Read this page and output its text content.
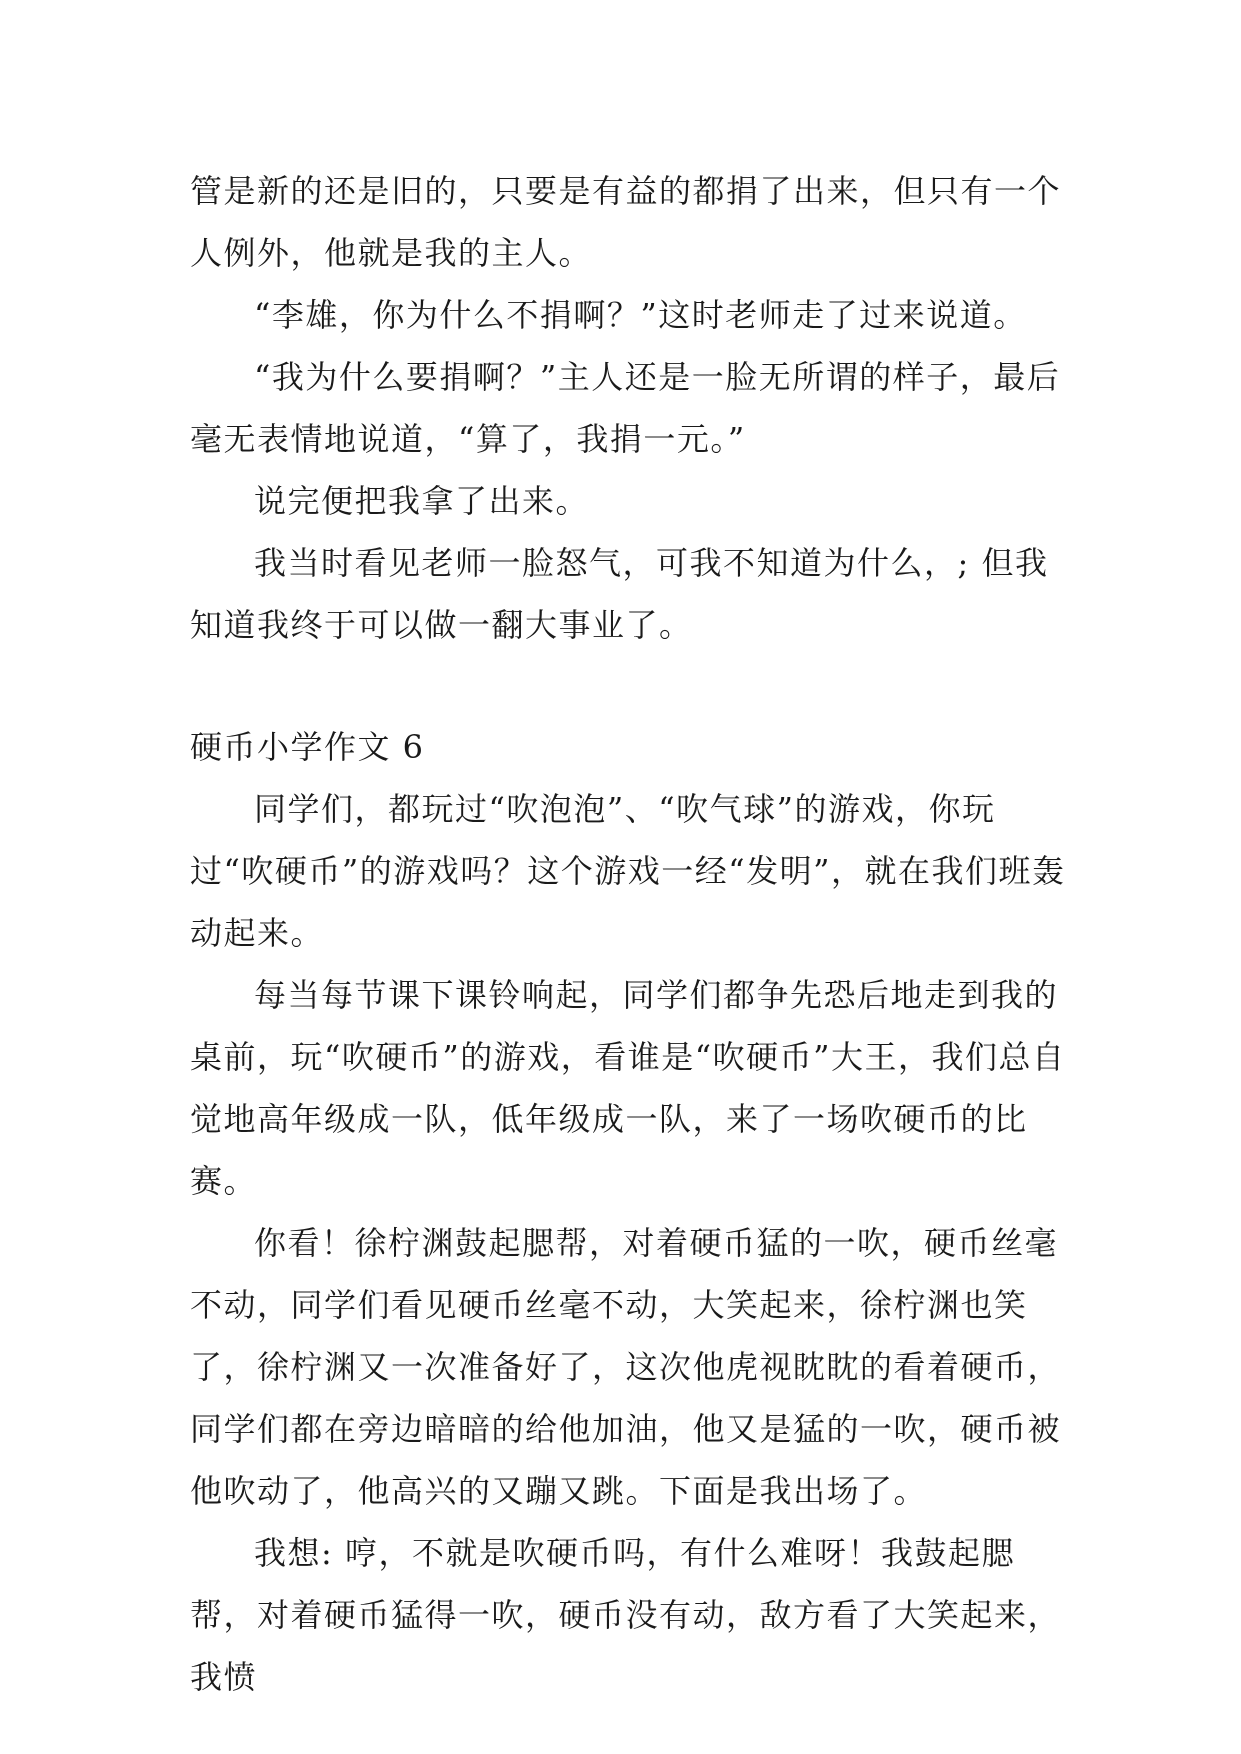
管是新的还是旧的，只要是有益的都捐了出来，但只有一个人例外，他就是我的主人。

“李雄，你为什么不捐啊？”这时老师走了过来说道。

“我为什么要捐啊？”主人还是一脸无所谓的样子，最后毫无表情地说道，“算了，我捐一元。”

说完便把我拿了出来。

我当时看见老师一脸怒气，可我不知道为什么，; 但我知道我终于可以做一翻大事业了。

硬币小学作文 6

同学们，都玩过“吹泡泡”、“吹气球”的游戏，你玩过“吹硬币”的游戏吗？这个游戏一经“发明”，就在我们班轰动起来。

每当每节课下课铃响起，同学们都争先恐后地走到我的桌前，玩“吹硬币”的游戏，看谁是“吹硬币”大王，我们总自觉地高年级成一队，低年级成一队，来了一场吹硬币的比赛。

你看！徐柠渊鼓起腮帮，对着硬币猛的一吹，硬币丝毫不动，同学们看见硬币丝毫不动，大笑起来，徐柠渊也笑了，徐柠渊又一次准备好了，这次他虎视眈眈的看着硬币，同学们都在旁边暗暗的给他加油，他又是猛的一吹，硬币被他吹动了，他高兴的又蹦又跳。下面是我出场了。

我想: 哼，不就是吹硬币吗，有什么难呀！我鼓起腮帮，对着硬币猛得一吹，硬币没有动，敌方看了大笑起来，我愤
